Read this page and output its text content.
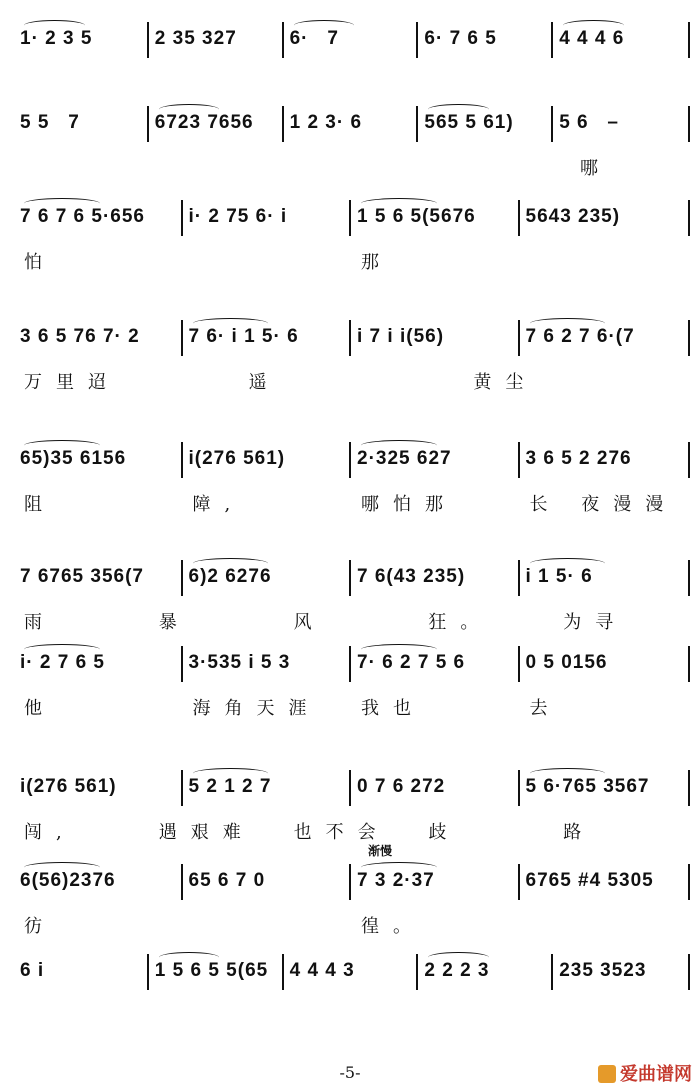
1· 2 3 5	2 35 327	6·   7	6· 7 6 5	4 4 4 6
5 5   7	6723 7656 1 2 3· 6	565 5 61) 5 6   –
哪
7 6 7 6 5·656 i· 2 75 6· i	1 5 6 5(5676	5643 235)
怕	那
3 6 5 76 7· 2	7 6· i 1 5· 6	i 7 i i(56)	7 6 2 7 6·(7
万里迢	遥	黄尘
65)35 6156	i(276 561)	2·325 627	3 6 5 2 276
阻	障,	哪怕那	长 夜漫漫
7 6765 356(7 6)2 6276	7 6(43 235)	i 1 5· 6
雨	暴	风	狂。	为寻
i· 2 7 6 5	3·535 i 5 3	7· 6 2 7 5 6	0 5 0156
他	海角天涯 我也	去
i(276 561)	5 2 1 2 7	0 7 6 272	5 6·765 3567
闯,	遇艰难 也不会 歧	路
6(56)2376	65 6 7 0	7 3 2·37	6765 #4 5305
渐慢
彷	徨。
6 i	1 5 6 5 5(65 4 4 4 3	2 2 2 3	235 3523
-5-	爱曲谱网
